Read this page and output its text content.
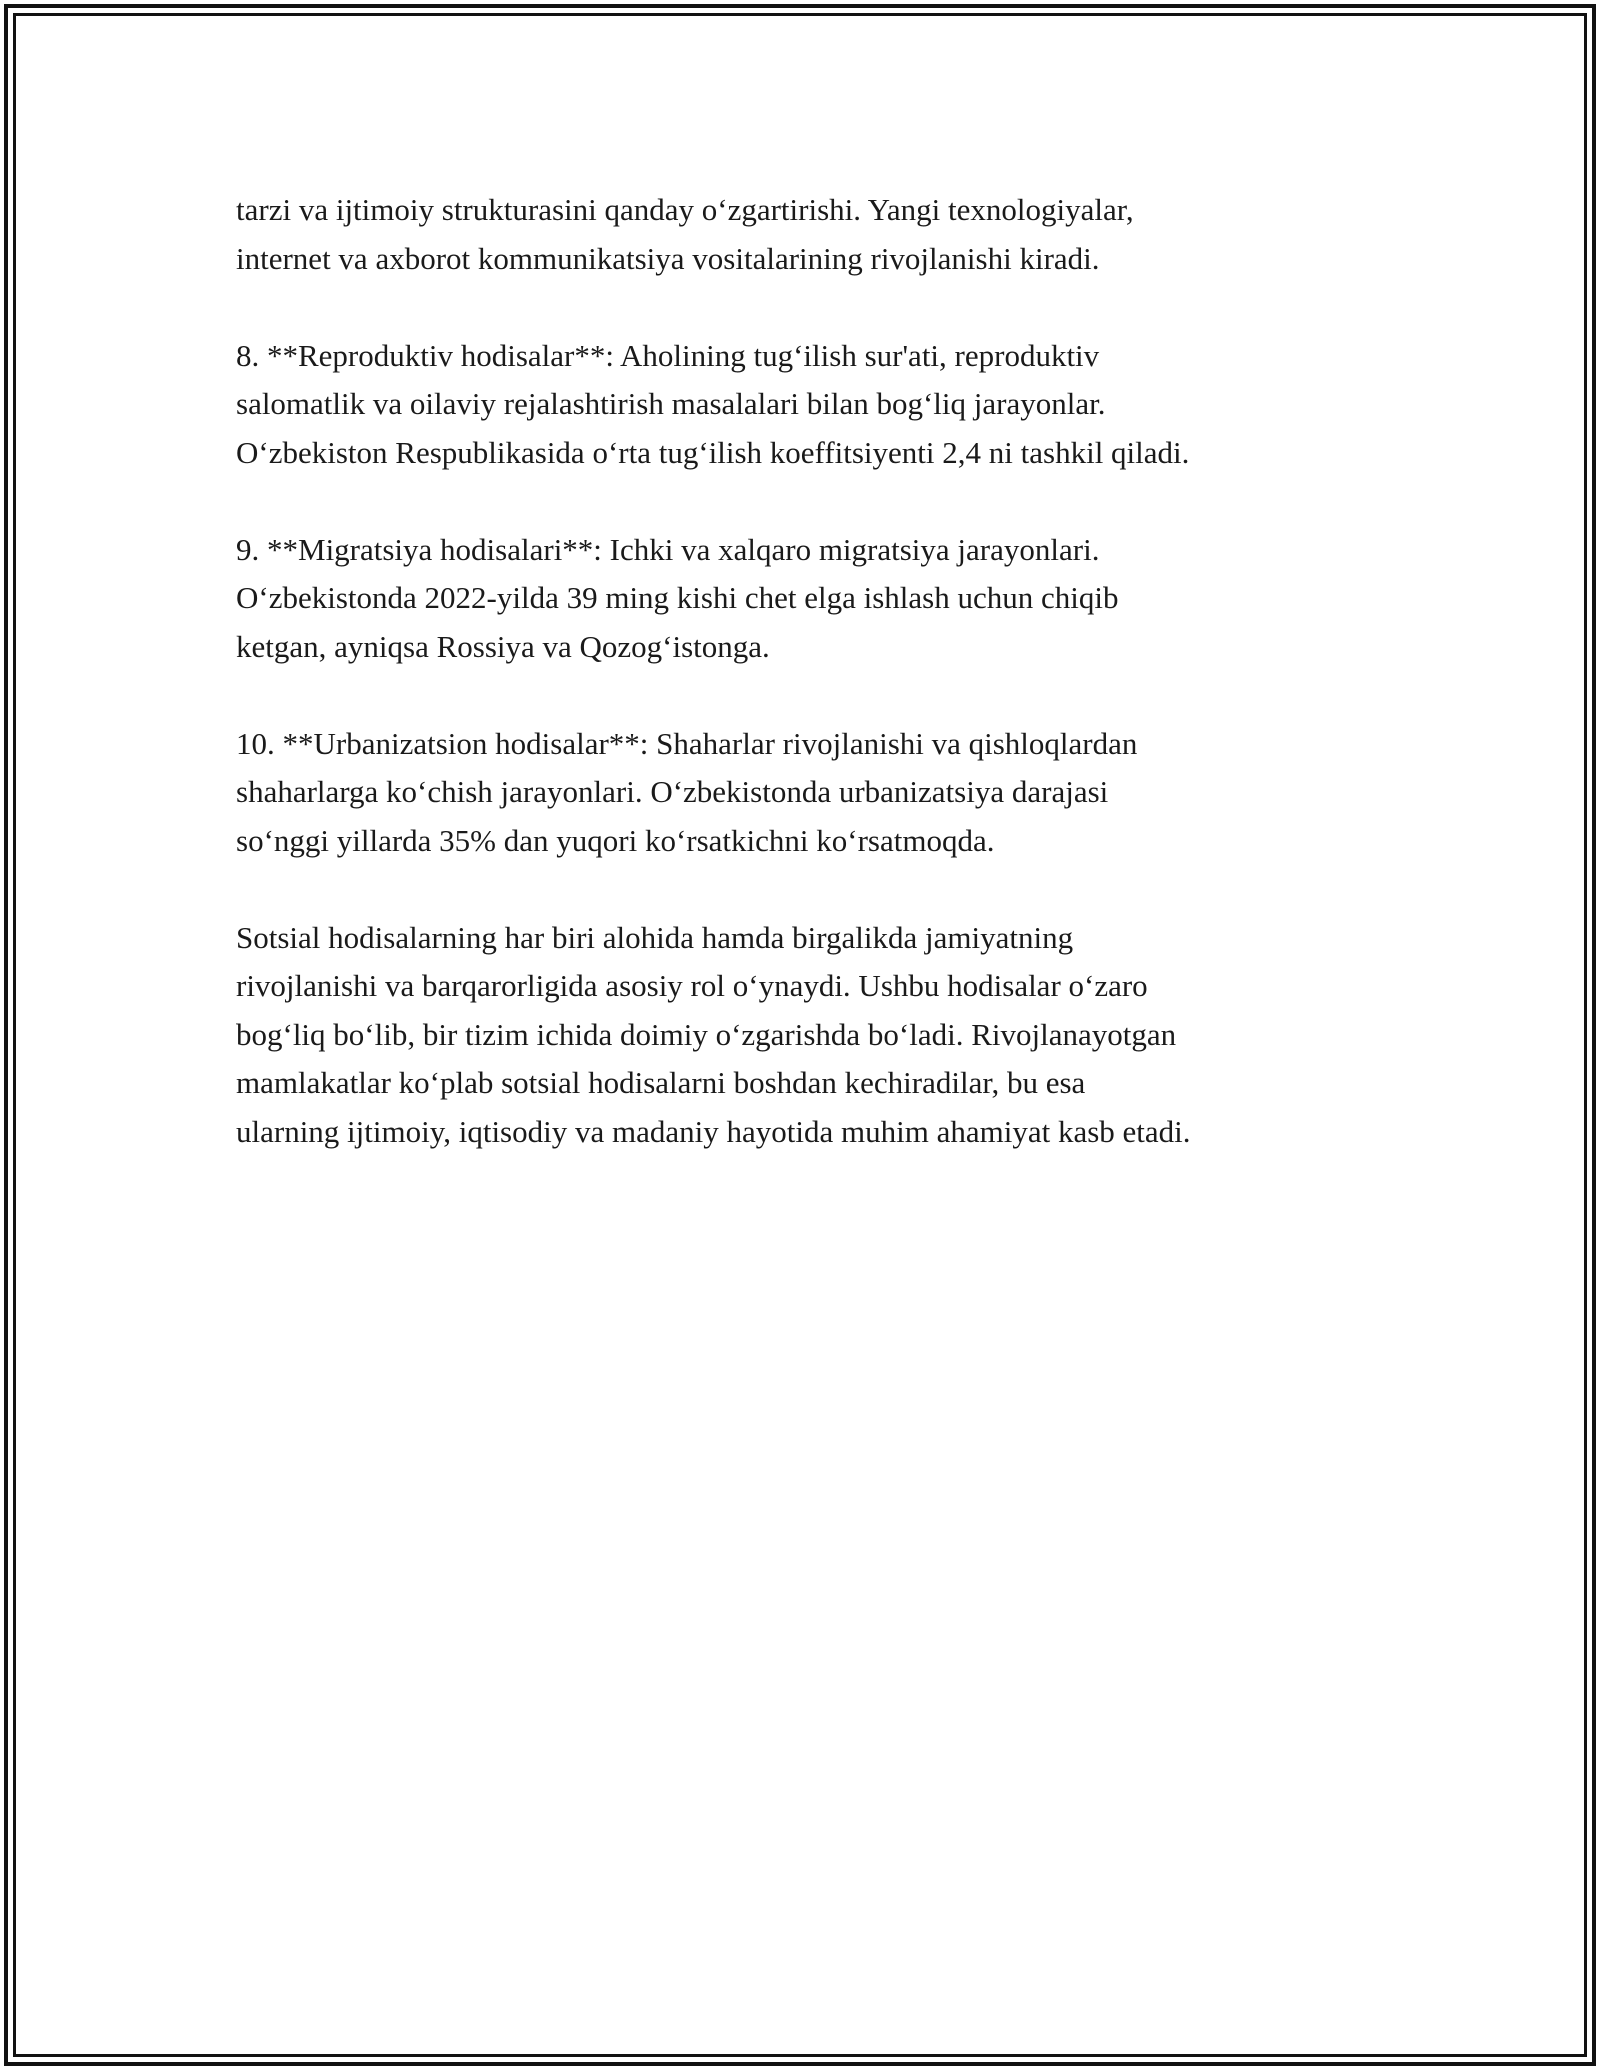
tarzi va ijtimoiy strukturasini qanday o‘zgartirishi. Yangi texnologiyalar,
internet va axborot kommunikatsiya vositalarining rivojlanishi kiradi.

8. **Reproduktiv hodisalar**: Aholining tug‘ilish sur'ati, reproduktiv
salomatlik va oilaviy rejalashtirish masalalari bilan bog‘liq jarayonlar.
O‘zbekiston Respublikasida o‘rta tug‘ilish koeffitsiyenti 2,4 ni tashkil qiladi.

9. **Migratsiya hodisalari**: Ichki va xalqaro migratsiya jarayonlari.
O‘zbekistonda 2022-yilda 39 ming kishi chet elga ishlash uchun chiqib
ketgan, ayniqsa Rossiya va Qozog‘istonga.

10. **Urbanizatsion hodisalar**: Shaharlar rivojlanishi va qishloqlardan
shaharlarga ko‘chish jarayonlari. O‘zbekistonda urbanizatsiya darajasi
so‘nggi yillarda 35% dan yuqori ko‘rsatkichni ko‘rsatmoqda.

Sotsial hodisalarning har biri alohida hamda birgalikda jamiyatning
rivojlanishi va barqarorligida asosiy rol o‘ynaydi. Ushbu hodisalar o‘zaro
bog‘liq bo‘lib, bir tizim ichida doimiy o‘zgarishda bo‘ladi. Rivojlanayotgan
mamlakatlar ko‘plab sotsial hodisalarni boshdan kechiradilar, bu esa
ularning ijtimoiy, iqtisodiy va madaniy hayotida muhim ahamiyat kasb etadi.
